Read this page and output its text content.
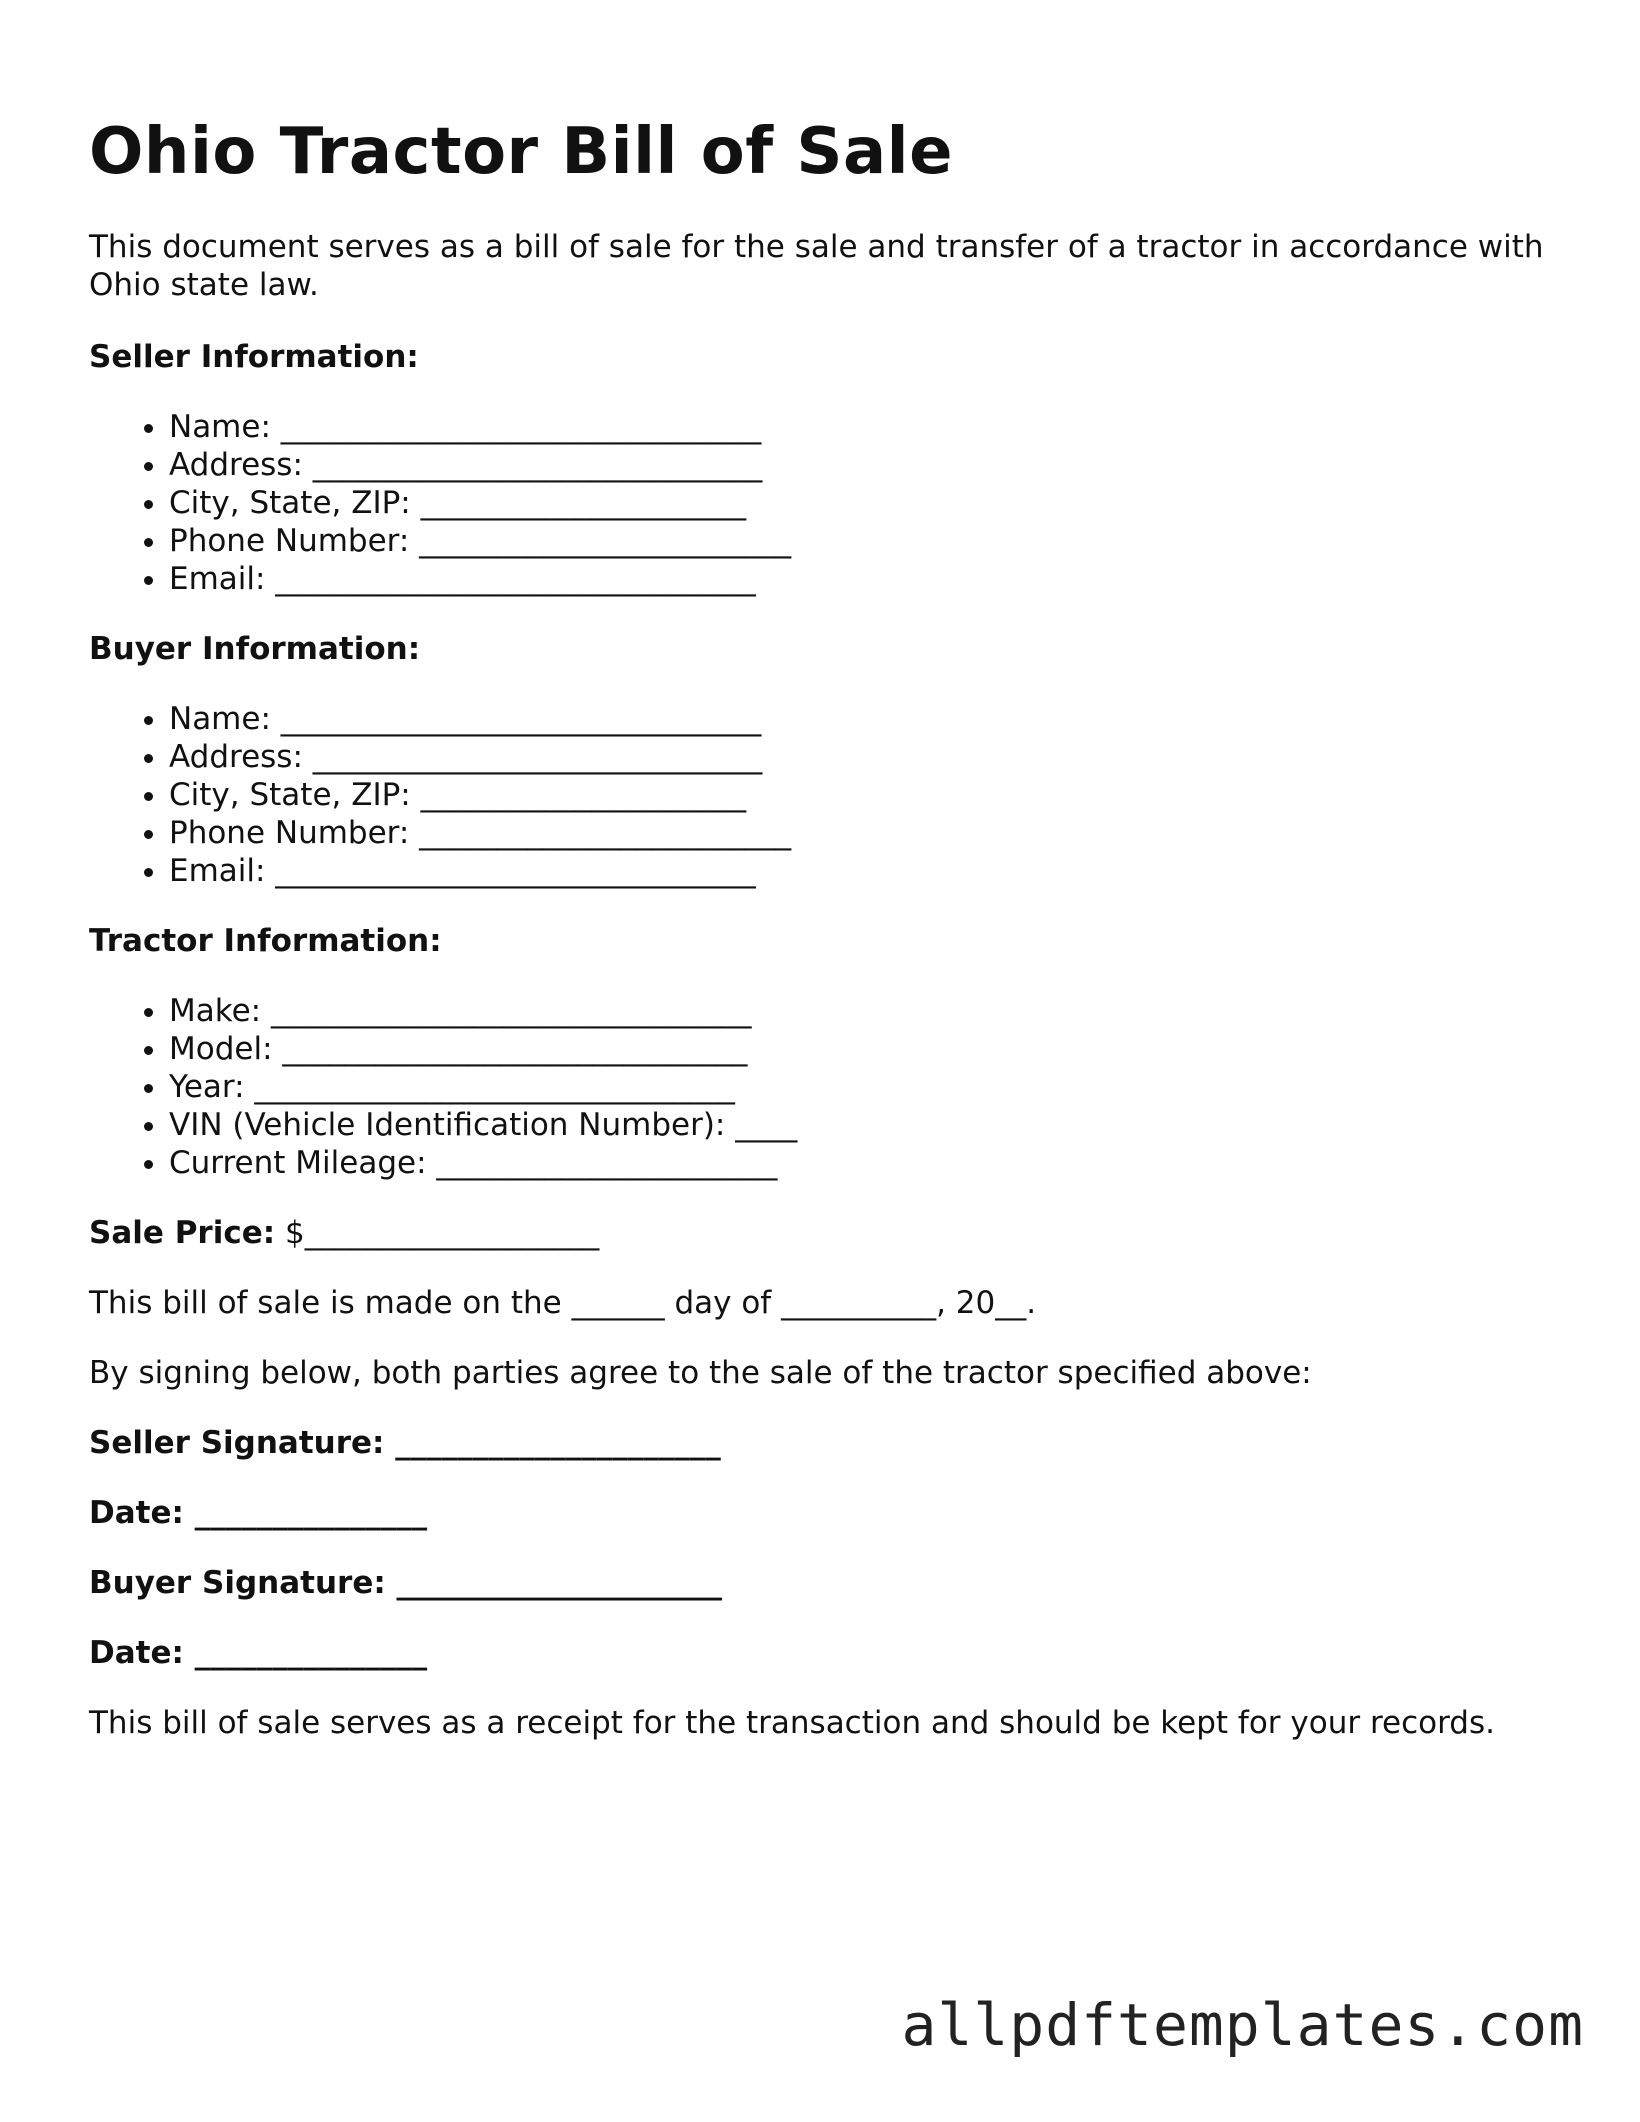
Ohio Tractor Bill of Sale

This document serves as a bill of sale for the sale and transfer of a tractor in accordance with Ohio state law.

Seller Information:
• Name: _______________________________
• Address: _____________________________
• City, State, ZIP: _____________________
• Phone Number: ________________________
• Email: _______________________________
Buyer Information:
• Name: _______________________________
• Address: _____________________________
• City, State, ZIP: _____________________
• Phone Number: ________________________
• Email: _______________________________
Tractor Information:
• Make: _______________________________
• Model: ______________________________
• Year: _______________________________
• VIN (Vehicle Identification Number): ____
• Current Mileage: ______________________

Sale Price: $___________________

This bill of sale is made on the ______ day of __________, 20__.

By signing below, both parties agree to the sale of the tractor specified above:

Seller Signature: _____________________

Date: _______________

Buyer Signature: _____________________

Date: _______________

This bill of sale serves as a receipt for the transaction and should be kept for your records.

allpdftemplates.com
